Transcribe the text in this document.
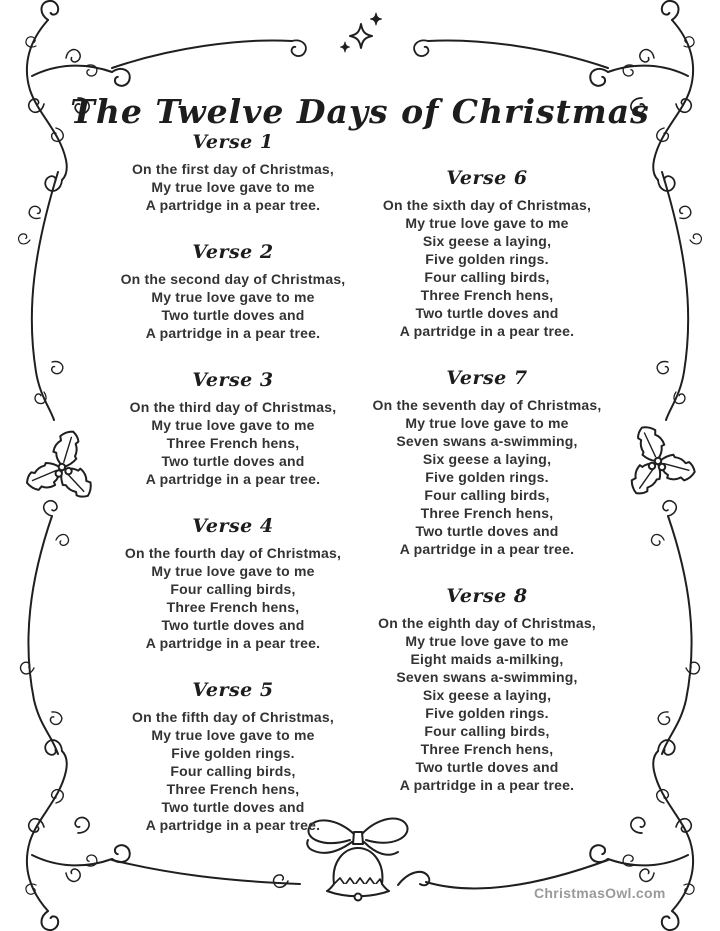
The Twelve Days of Christmas
Verse 1
On the first day of Christmas,
My true love gave to me
A partridge in a pear tree.
Verse 2
On the second day of Christmas,
My true love gave to me
Two turtle doves and
A partridge in a pear tree.
Verse 3
On the third day of Christmas,
My true love gave to me
Three French hens,
Two turtle doves and
A partridge in a pear tree.
Verse 4
On the fourth day of Christmas,
My true love gave to me
Four calling birds,
Three French hens,
Two turtle doves and
A partridge in a pear tree.
Verse 5
On the fifth day of Christmas,
My true love gave to me
Five golden rings.
Four calling birds,
Three French hens,
Two turtle doves and
A partridge in a pear tree.
Verse 6
On the sixth day of Christmas,
My true love gave to me
Six geese a laying,
Five golden rings.
Four calling birds,
Three French hens,
Two turtle doves and
A partridge in a pear tree.
Verse 7
On the seventh day of Christmas,
My true love gave to me
Seven swans a-swimming,
Six geese a laying,
Five golden rings.
Four calling birds,
Three French hens,
Two turtle doves and
A partridge in a pear tree.
Verse 8
On the eighth day of Christmas,
My true love gave to me
Eight maids a-milking,
Seven swans a-swimming,
Six geese a laying,
Five golden rings.
Four calling birds,
Three French hens,
Two turtle doves and
A partridge in a pear tree.
ChristmasOwl.com
